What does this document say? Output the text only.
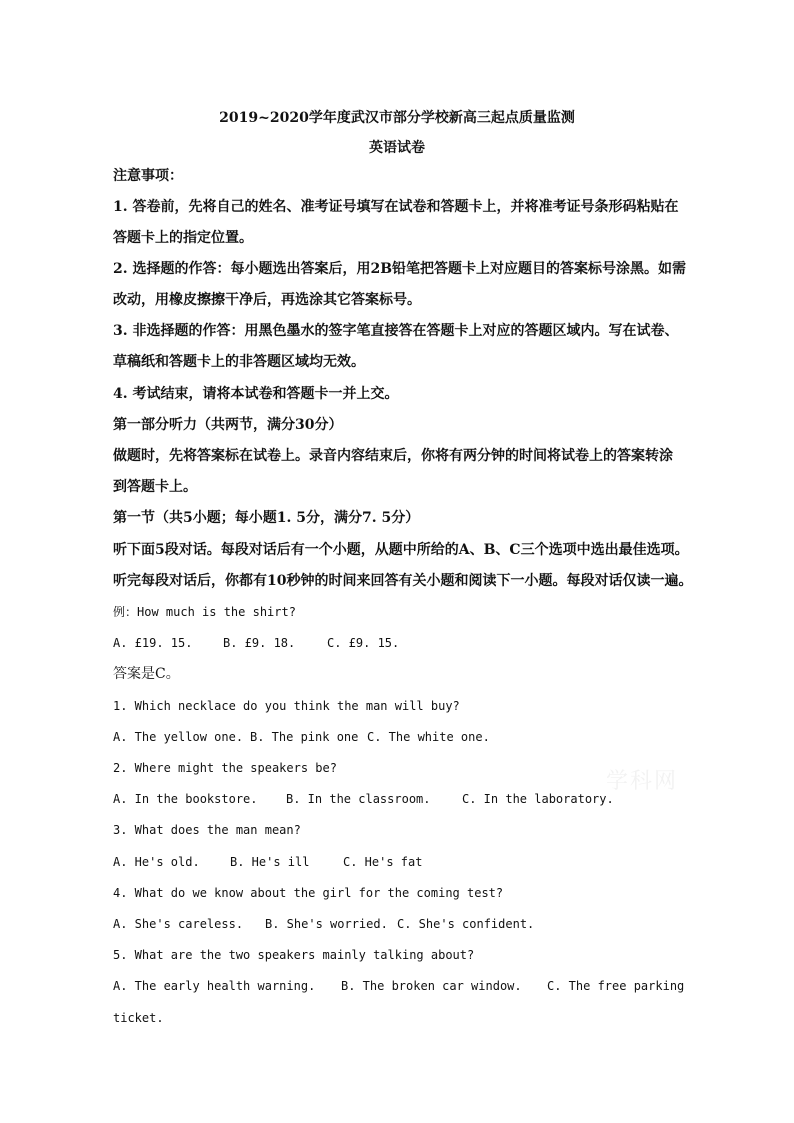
2019~2020学年度武汉市部分学校新高三起点质量监测
英语试卷
注意事项：
1. 答卷前，先将自己的姓名、准考证号填写在试卷和答题卡上，并将准考证号条形码粘贴在
答题卡上的指定位置。
2. 选择题的作答：每小题选出答案后，用2B铅笔把答题卡上对应题目的答案标号涂黑。如需
改动，用橡皮擦擦干净后，再选涂其它答案标号。
3. 非选择题的作答：用黑色墨水的签字笔直接答在答题卡上对应的答题区域内。写在试卷、
草稿纸和答题卡上的非答题区域均无效。
4. 考试结束，请将本试卷和答题卡一并上交。
第一部分听力（共两节，满分30分）
做题时，先将答案标在试卷上。录音内容结束后，你将有两分钟的时间将试卷上的答案转涂
到答题卡上。
第一节（共5小题；每小题1. 5分，满分7. 5分）
听下面5段对话。每段对话后有一个小题，从题中所给的A、B、C三个选项中选出最佳选项。
听完每段对话后，你都有10秒钟的时间来回答有关小题和阅读下一小题。每段对话仅读一遍。
例：How much is the shirt?
A. £19. 15.	B. £9. 18.	C. £9. 15.
答案是C。
1. Which necklace do you think the man will buy?
A. The yellow one. B. The pink one C. The white one.
2. Where might the speakers be?
A. In the bookstore. B. In the classroom.	C. In the laboratory.
3. What does the man mean?
A. He's old.	B. He's ill	C. He's fat
4. What do we know about the girl for the coming test?
A. She's careless. B. She's worried. C. She's confident.
5. What are the two speakers mainly talking about?
A. The early health warning. B. The broken car window. C. The free parking
ticket.
学科网
